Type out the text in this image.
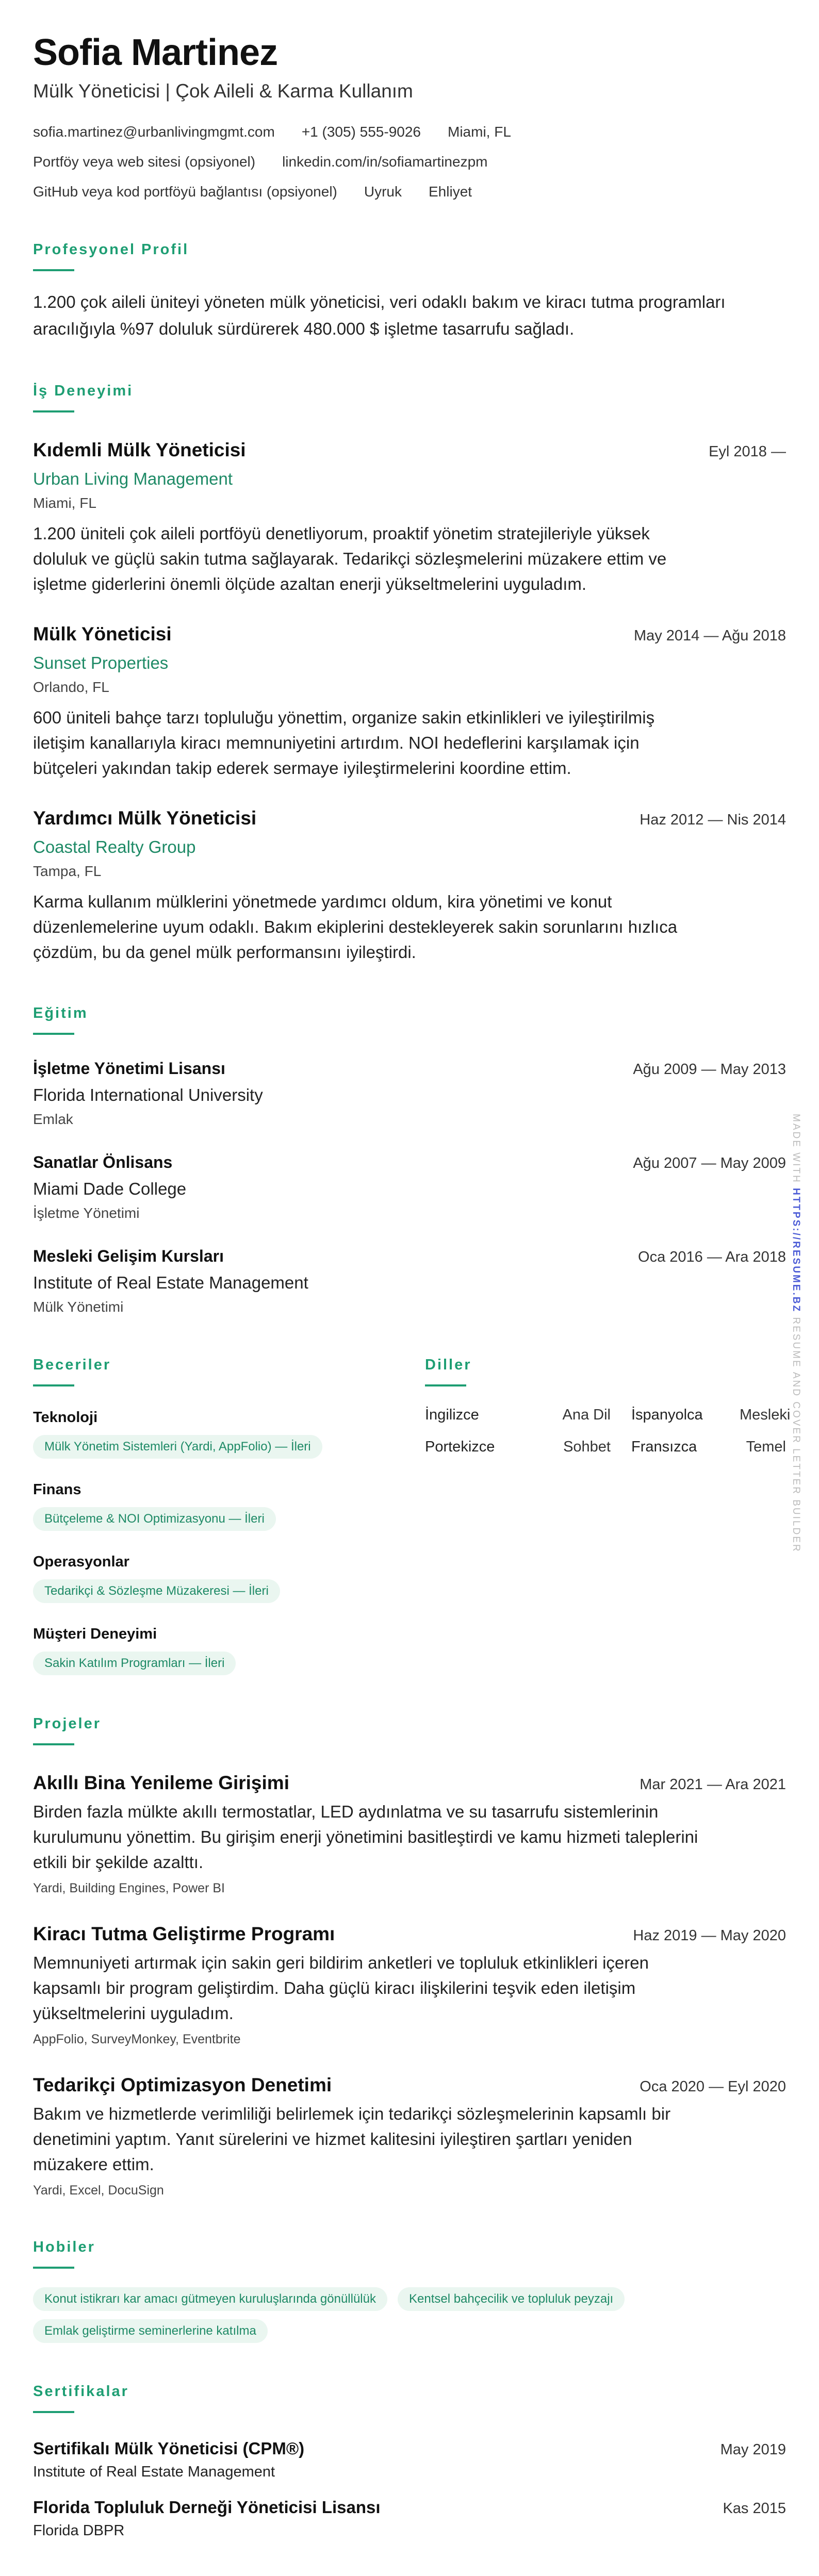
Sofia Martinez
Mülk Yöneticisi | Çok Aileli & Karma Kullanım
sofia.martinez@urbanlivingmgmt.com +1 (305) 555-9026 Miami, FL
Portföy veya web sitesi (opsiyonel) linkedin.com/in/sofiamartinezpm
GitHub veya kod portföyü bağlantısı (opsiyonel) Uyruk Ehliyet
Profesyonel Profil
1.200 çok aileli üniteyi yöneten mülk yöneticisi, veri odaklı bakım ve kiracı tutma programları aracılığıyla %97 doluluk sürdürerek 480.000 $ işletme tasarrufu sağladı.
İş Deneyimi
Kıdemli Mülk Yöneticisi	Eyl 2018 —
Urban Living Management
Miami, FL
1.200 üniteli çok aileli portföyü denetliyorum, proaktif yönetim stratejileriyle yüksek doluluk ve güçlü sakin tutma sağlayarak. Tedarikçi sözleşmelerini müzakere ettim ve işletme giderlerini önemli ölçüde azaltan enerji yükseltmelerini uyguladım.
Mülk Yöneticisi	May 2014 — Ağu 2018
Sunset Properties
Orlando, FL
600 üniteli bahçe tarzı topluluğu yönettim, organize sakin etkinlikleri ve iyileştirilmiş iletişim kanallarıyla kiracı memnuniyetini artırdım. NOI hedeflerini karşılamak için bütçeleri yakından takip ederek sermaye iyileştirmelerini koordine ettim.
Yardımcı Mülk Yöneticisi	Haz 2012 — Nis 2014
Coastal Realty Group
Tampa, FL
Karma kullanım mülklerini yönetmede yardımcı oldum, kira yönetimi ve konut düzenlemelerine uyum odaklı. Bakım ekiplerini destekleyerek sakin sorunlarını hızlıca çözdüm, bu da genel mülk performansını iyileştirdi.
Eğitim
İşletme Yönetimi Lisansı	Ağu 2009 — May 2013
Florida International University
Emlak
Sanatlar Önlisans	Ağu 2007 — May 2009
Miami Dade College
İşletme Yönetimi
Mesleki Gelişim Kursları	Oca 2016 — Ara 2018
Institute of Real Estate Management
Mülk Yönetimi
Beceriler
Teknoloji
Mülk Yönetim Sistemleri (Yardi, AppFolio) — İleri
Finans
Bütçeleme & NOI Optimizasyonu — İleri
Operasyonlar
Tedarikçi & Sözleşme Müzakeresi — İleri
Müşteri Deneyimi
Sakin Katılım Programları — İleri
Diller
İngilizce	Ana Dil	İspanyolca	Mesleki
Portekizce	Sohbet	Fransızca	Temel
Projeler
Akıllı Bina Yenileme Girişimi	Mar 2021 — Ara 2021
Birden fazla mülkte akıllı termostatlar, LED aydınlatma ve su tasarrufu sistemlerinin kurulumunu yönettim. Bu girişim enerji yönetimini basitleştirdi ve kamu hizmeti taleplerini etkili bir şekilde azalttı.
Yardi, Building Engines, Power BI
Kiracı Tutma Geliştirme Programı	Haz 2019 — May 2020
Memnuniyeti artırmak için sakin geri bildirim anketleri ve topluluk etkinlikleri içeren kapsamlı bir program geliştirdim. Daha güçlü kiracı ilişkilerini teşvik eden iletişim yükseltmelerini uyguladım.
AppFolio, SurveyMonkey, Eventbrite
Tedarikçi Optimizasyon Denetimi	Oca 2020 — Eyl 2020
Bakım ve hizmetlerde verimliliği belirlemek için tedarikçi sözleşmelerinin kapsamlı bir denetimini yaptım. Yanıt sürelerini ve hizmet kalitesini iyileştiren şartları yeniden müzakere ettim.
Yardi, Excel, DocuSign
Hobiler
Konut istikrarı kar amacı gütmeyen kuruluşlarında gönüllülük	Kentsel bahçecilik ve topluluk peyzajı
Emlak geliştirme seminerlerine katılma
Sertifikalar
Sertifikalı Mülk Yöneticisi (CPM®)	May 2019
Institute of Real Estate Management
Florida Topluluk Derneği Yöneticisi Lisansı	Kas 2015
Florida DBPR
MADE WITH HTTPS://RESUME.BZ RESUME AND COVER LETTER BUILDER
